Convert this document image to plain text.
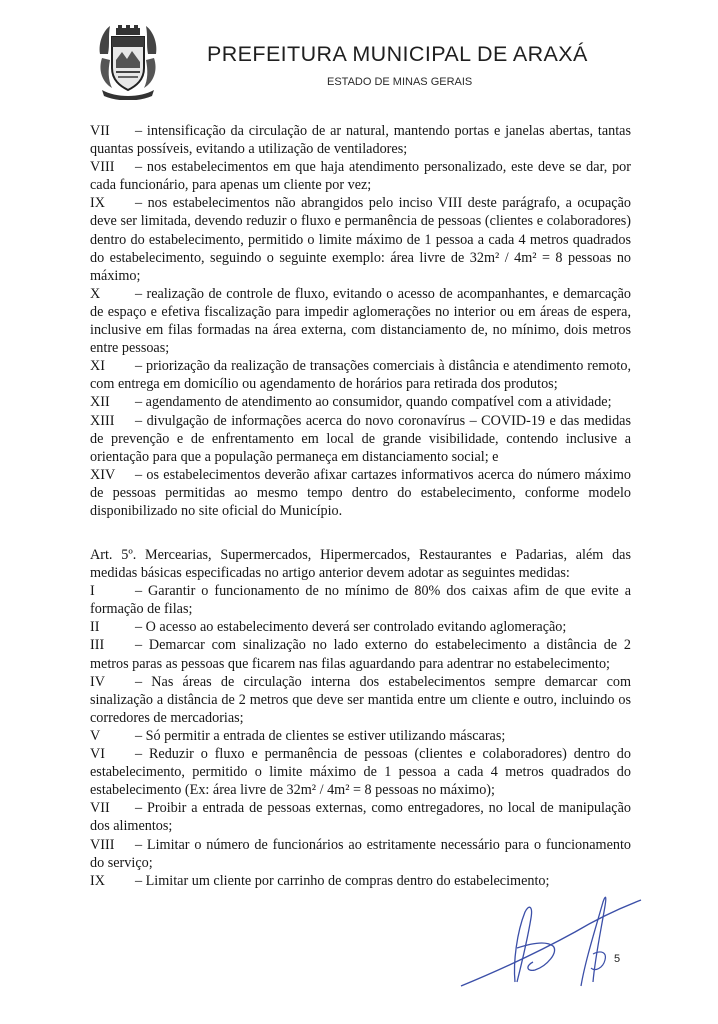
PREFEITURA MUNICIPAL DE ARAXÁ
ESTADO DE MINAS GERAIS

VII – intensificação da circulação de ar natural, mantendo portas e janelas abertas, tantas quantas possíveis, evitando a utilização de ventiladores;

VIII – nos estabelecimentos em que haja atendimento personalizado, este deve se dar, por cada funcionário, para apenas um cliente por vez;

IX – nos estabelecimentos não abrangidos pelo inciso VIII deste parágrafo, a ocupação deve ser limitada, devendo reduzir o fluxo e permanência de pessoas (clientes e colaboradores) dentro do estabelecimento, permitido o limite máximo de 1 pessoa a cada 4 metros quadrados do estabelecimento, seguindo o seguinte exemplo: área livre de 32m² / 4m² = 8 pessoas no máximo;

X – realização de controle de fluxo, evitando o acesso de acompanhantes, e demarcação de espaço e efetiva fiscalização para impedir aglomerações no interior ou em áreas de espera, inclusive em filas formadas na área externa, com distanciamento de, no mínimo, dois metros entre pessoas;

XI – priorização da realização de transações comerciais à distância e atendimento remoto, com entrega em domicílio ou agendamento de horários para retirada dos produtos;

XII – agendamento de atendimento ao consumidor, quando compatível com a atividade;

XIII – divulgação de informações acerca do novo coronavírus – COVID-19 e das medidas de prevenção e de enfrentamento em local de grande visibilidade, contendo inclusive a orientação para que a população permaneça em distanciamento social; e

XIV – os estabelecimentos deverão afixar cartazes informativos acerca do número máximo de pessoas permitidas ao mesmo tempo dentro do estabelecimento, conforme modelo disponibilizado no site oficial do Município.

Art. 5º. Mercearias, Supermercados, Hipermercados, Restaurantes e Padarias, além das medidas básicas especificadas no artigo anterior devem adotar as seguintes medidas:

I	– Garantir o funcionamento de no mínimo de 80% dos caixas afim de que evite a formação de filas;

II	– O acesso ao estabelecimento deverá ser controlado evitando aglomeração;

III – Demarcar com sinalização no lado externo do estabelecimento a distância de 2 metros paras as pessoas que ficarem nas filas aguardando para adentrar no estabelecimento;

IV – Nas áreas de circulação interna dos estabelecimentos sempre demarcar com sinalização a distância de 2 metros que deve ser mantida entre um cliente e outro, incluindo os corredores de mercadorias;

V – Só permitir a entrada de clientes se estiver utilizando máscaras;

VI – Reduzir o fluxo e permanência de pessoas (clientes e colaboradores) dentro do estabelecimento, permitido o limite máximo de 1 pessoa a cada 4 metros quadrados do estabelecimento (Ex: área livre de 32m² / 4m² = 8 pessoas no máximo);

VII – Proibir a entrada de pessoas externas, como entregadores, no local de manipulação dos alimentos;

VIII – Limitar o número de funcionários ao estritamente necessário para o funcionamento do serviço;

IX – Limitar um cliente por carrinho de compras dentro do estabelecimento;

5
